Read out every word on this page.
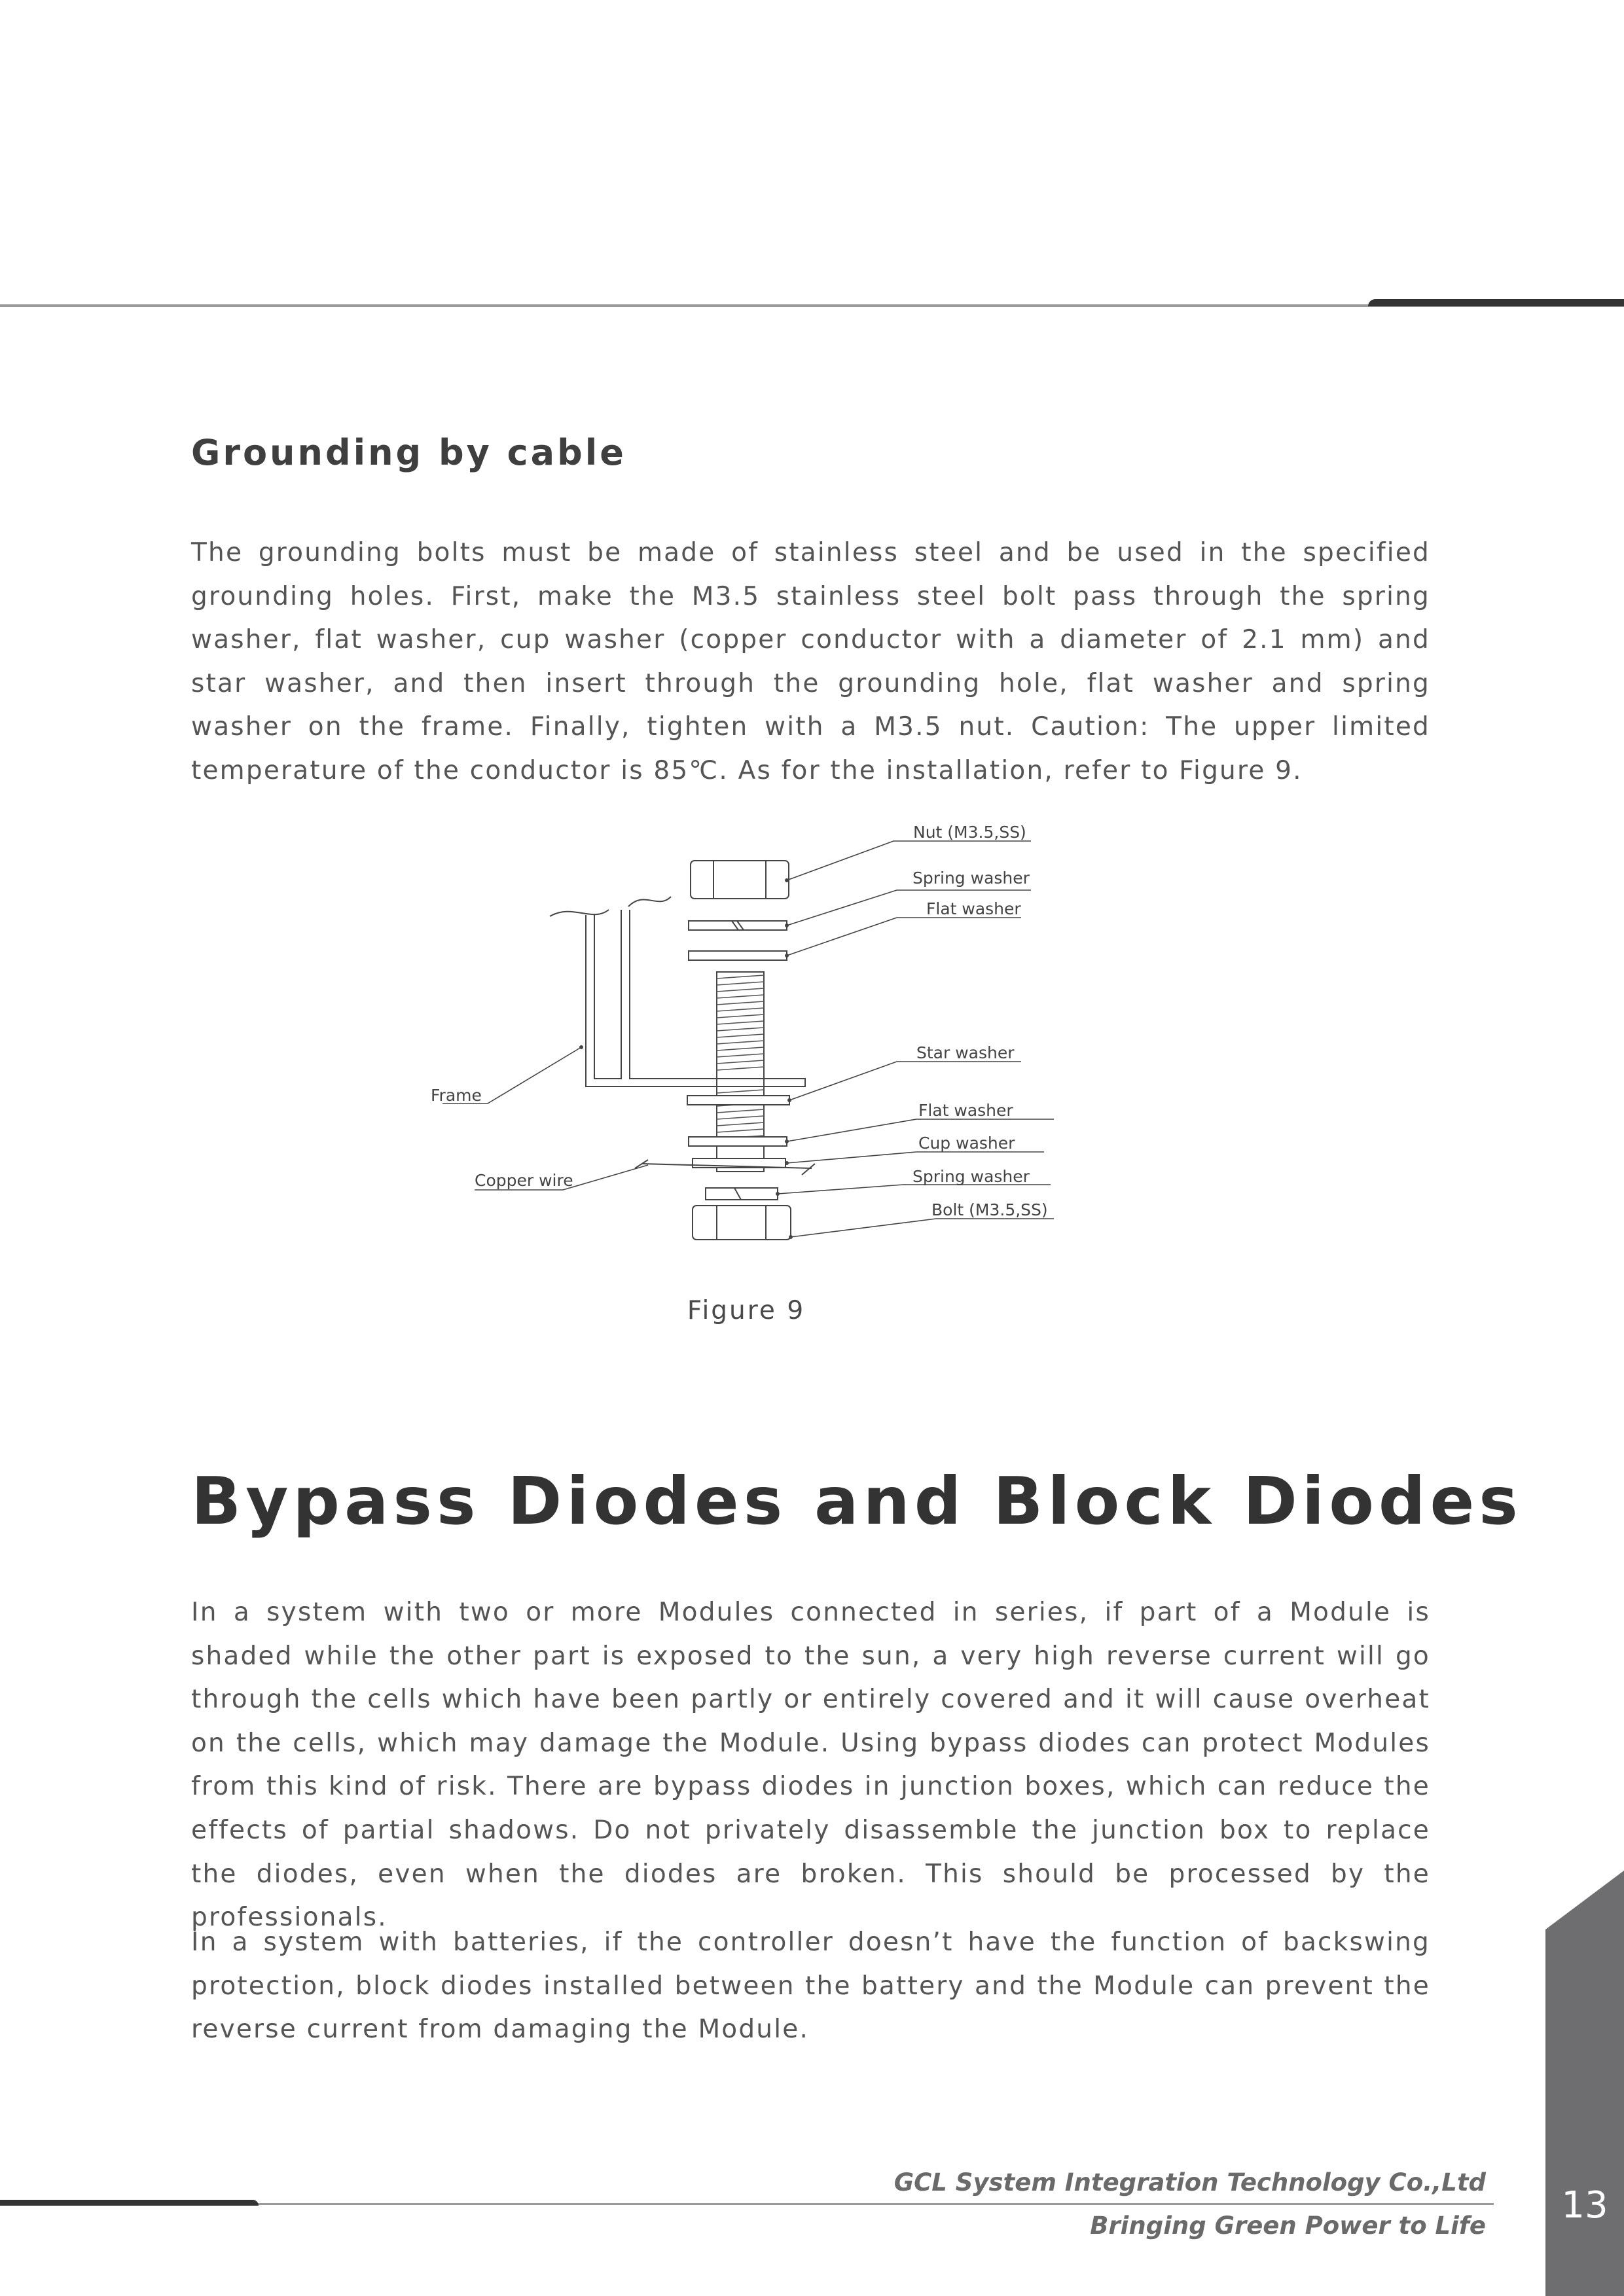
Grounding by cable

The grounding bolts must be made of stainless steel and be used in the specified grounding holes. First, make the M3.5 stainless steel bolt pass through the spring washer, flat washer, cup washer (copper conductor with a diameter of 2.1 mm) and star washer, and then insert through the grounding hole, flat washer and spring washer on the frame. Finally, tighten with a M3.5 nut. Caution: The upper limited temperature of the conductor is 85℃. As for the installation, refer to Figure 9.

Nut (M3.5,SS)
Spring washer
Flat washer
Star washer
Flat washer
Cup washer
Spring washer
Bolt (M3.5,SS)
Frame
Copper wire

Figure 9

Bypass Diodes and Block Diodes

In a system with two or more Modules connected in series, if part of a Module is shaded while the other part is exposed to the sun, a very high reverse current will go through the cells which have been partly or entirely covered and it will cause overheat on the cells, which may damage the Module. Using bypass diodes can protect Modules from this kind of risk. There are bypass diodes in junction boxes, which can reduce the effects of partial shadows. Do not privately disassemble the junction box to replace the diodes, even when the diodes are broken. This should be processed by the professionals.

In a system with batteries, if the controller doesn’t have the function of backswing protection, block diodes installed between the battery and the Module can prevent the reverse current from damaging the Module.

GCL System Integration Technology Co.,Ltd

Bringing Green Power to Life	13
